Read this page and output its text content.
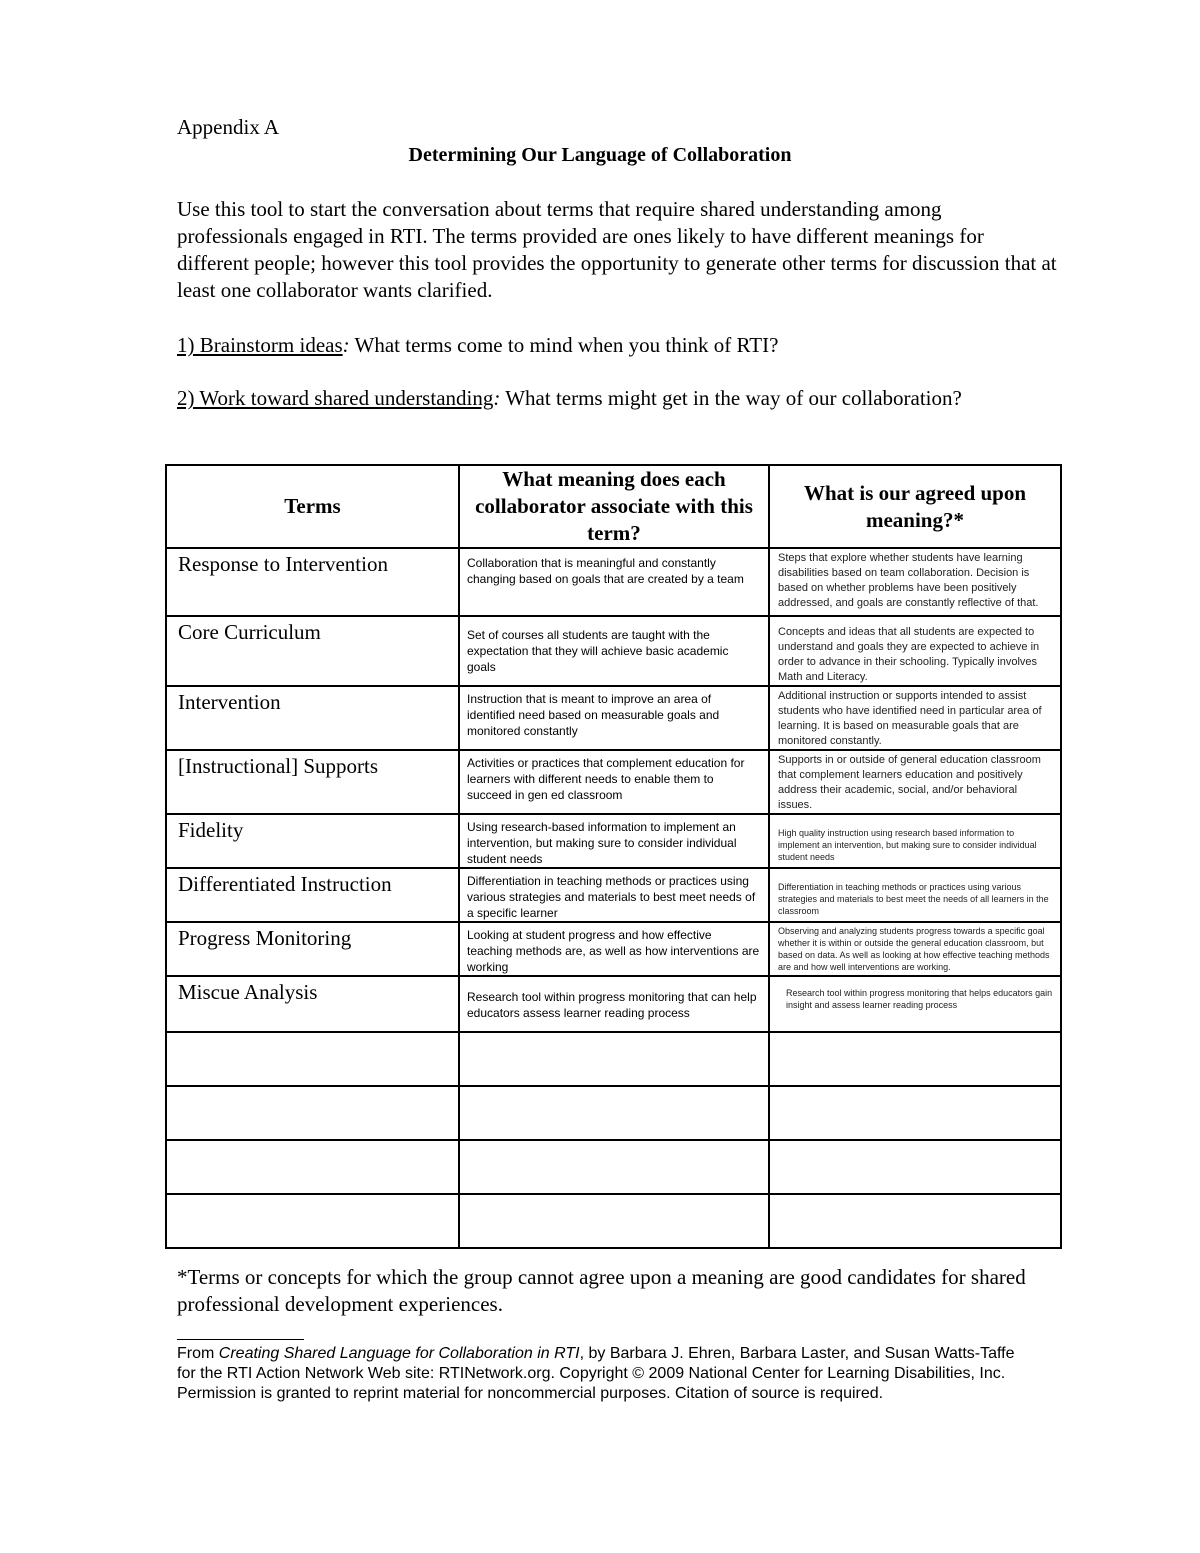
Appendix A
Determining Our Language of Collaboration
Use this tool to start the conversation about terms that require shared understanding among professionals engaged in RTI. The terms provided are ones likely to have different meanings for different people; however this tool provides the opportunity to generate other terms for discussion that at least one collaborator wants clarified.
1) Brainstorm ideas: What terms come to mind when you think of RTI?
2) Work toward shared understanding: What terms might get in the way of our collaboration?
Terms	What meaning does each collaborator associate with this term?	What is our agreed upon meaning?*

Response to Intervention	Collaboration that is meaningful and constantly changing based on goals that are created by a team	Steps that explore whether students have learning disabilities based on team collaboration. Decision is based on whether problems have been positively addressed, and goals are constantly reflective of that.

Core Curriculum	Set of courses all students are taught with the expectation that they will achieve basic academic goals	Concepts and ideas that all students are expected to understand and goals they are expected to achieve in order to advance in their schooling. Typically involves Math and Literacy.

Intervention	Instruction that is meant to improve an area of identified need based on measurable goals and monitored constantly	Additional instruction or supports intended to assist students who have identified need in particular area of learning. It is based on measurable goals that are monitored constantly.

[Instructional] Supports	Activities or practices that complement education for learners with different needs to enable them to succeed in gen ed classroom	Supports in or outside of general education classroom that complement learners education and positively address their academic, social, and/or behavioral issues.

Fidelity	Using research-based information to implement an intervention, but making sure to consider individual student needs	High quality instruction using research based information to implement an intervention, but making sure to consider individual student needs

Differentiated Instruction	Differentiation in teaching methods or practices using various strategies and materials to best meet needs of a specific learner	Differentiation in teaching methods or practices using various strategies and materials to best meet the needs of all learners in the classroom

Progress Monitoring	Looking at student progress and how effective teaching methods are, as well as how interventions are working	Observing and analyzing students progress towards a specific goal whether it is within or outside the general education classroom, but based on data. As well as looking at how effective teaching methods are and how well interventions are working.

Miscue Analysis	Research tool within progress monitoring that can help educators assess learner reading process	Research tool within progress monitoring that helps educators gain insight and assess learner reading process

*Terms or concepts for which the group cannot agree upon a meaning are good candidates for shared professional development experiences.
From Creating Shared Language for Collaboration in RTI, by Barbara J. Ehren, Barbara Laster, and Susan Watts-Taffe for the RTI Action Network Web site: RTINetwork.org. Copyright © 2009 National Center for Learning Disabilities, Inc. Permission is granted to reprint material for noncommercial purposes. Citation of source is required.
